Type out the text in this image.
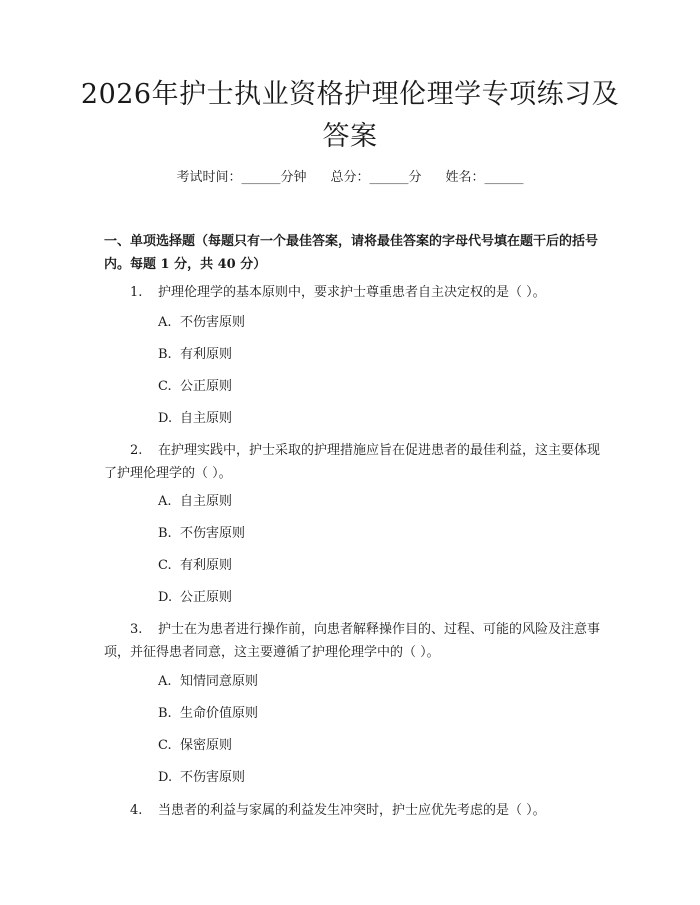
2026年护士执业资格护理伦理学专项练习及答案
考试时间：______分钟 总分：______分 姓名：______
一、单项选择题（每题只有一个最佳答案，请将最佳答案的字母代号填在题干后的括号内。每题 1 分，共 40 分）
1. 护理伦理学的基本原则中，要求护士尊重患者自主决定权的是（ ）。
A. 不伤害原则
B. 有利原则
C. 公正原则
D. 自主原则
2. 在护理实践中，护士采取的护理措施应旨在促进患者的最佳利益，这主要体现了护理伦理学的（ ）。
A. 自主原则
B. 不伤害原则
C. 有利原则
D. 公正原则
3. 护士在为患者进行操作前，向患者解释操作目的、过程、可能的风险及注意事项，并征得患者同意，这主要遵循了护理伦理学中的（ ）。
A. 知情同意原则
B. 生命价值原则
C. 保密原则
D. 不伤害原则
4. 当患者的利益与家属的利益发生冲突时，护士应优先考虑的是（ ）。
